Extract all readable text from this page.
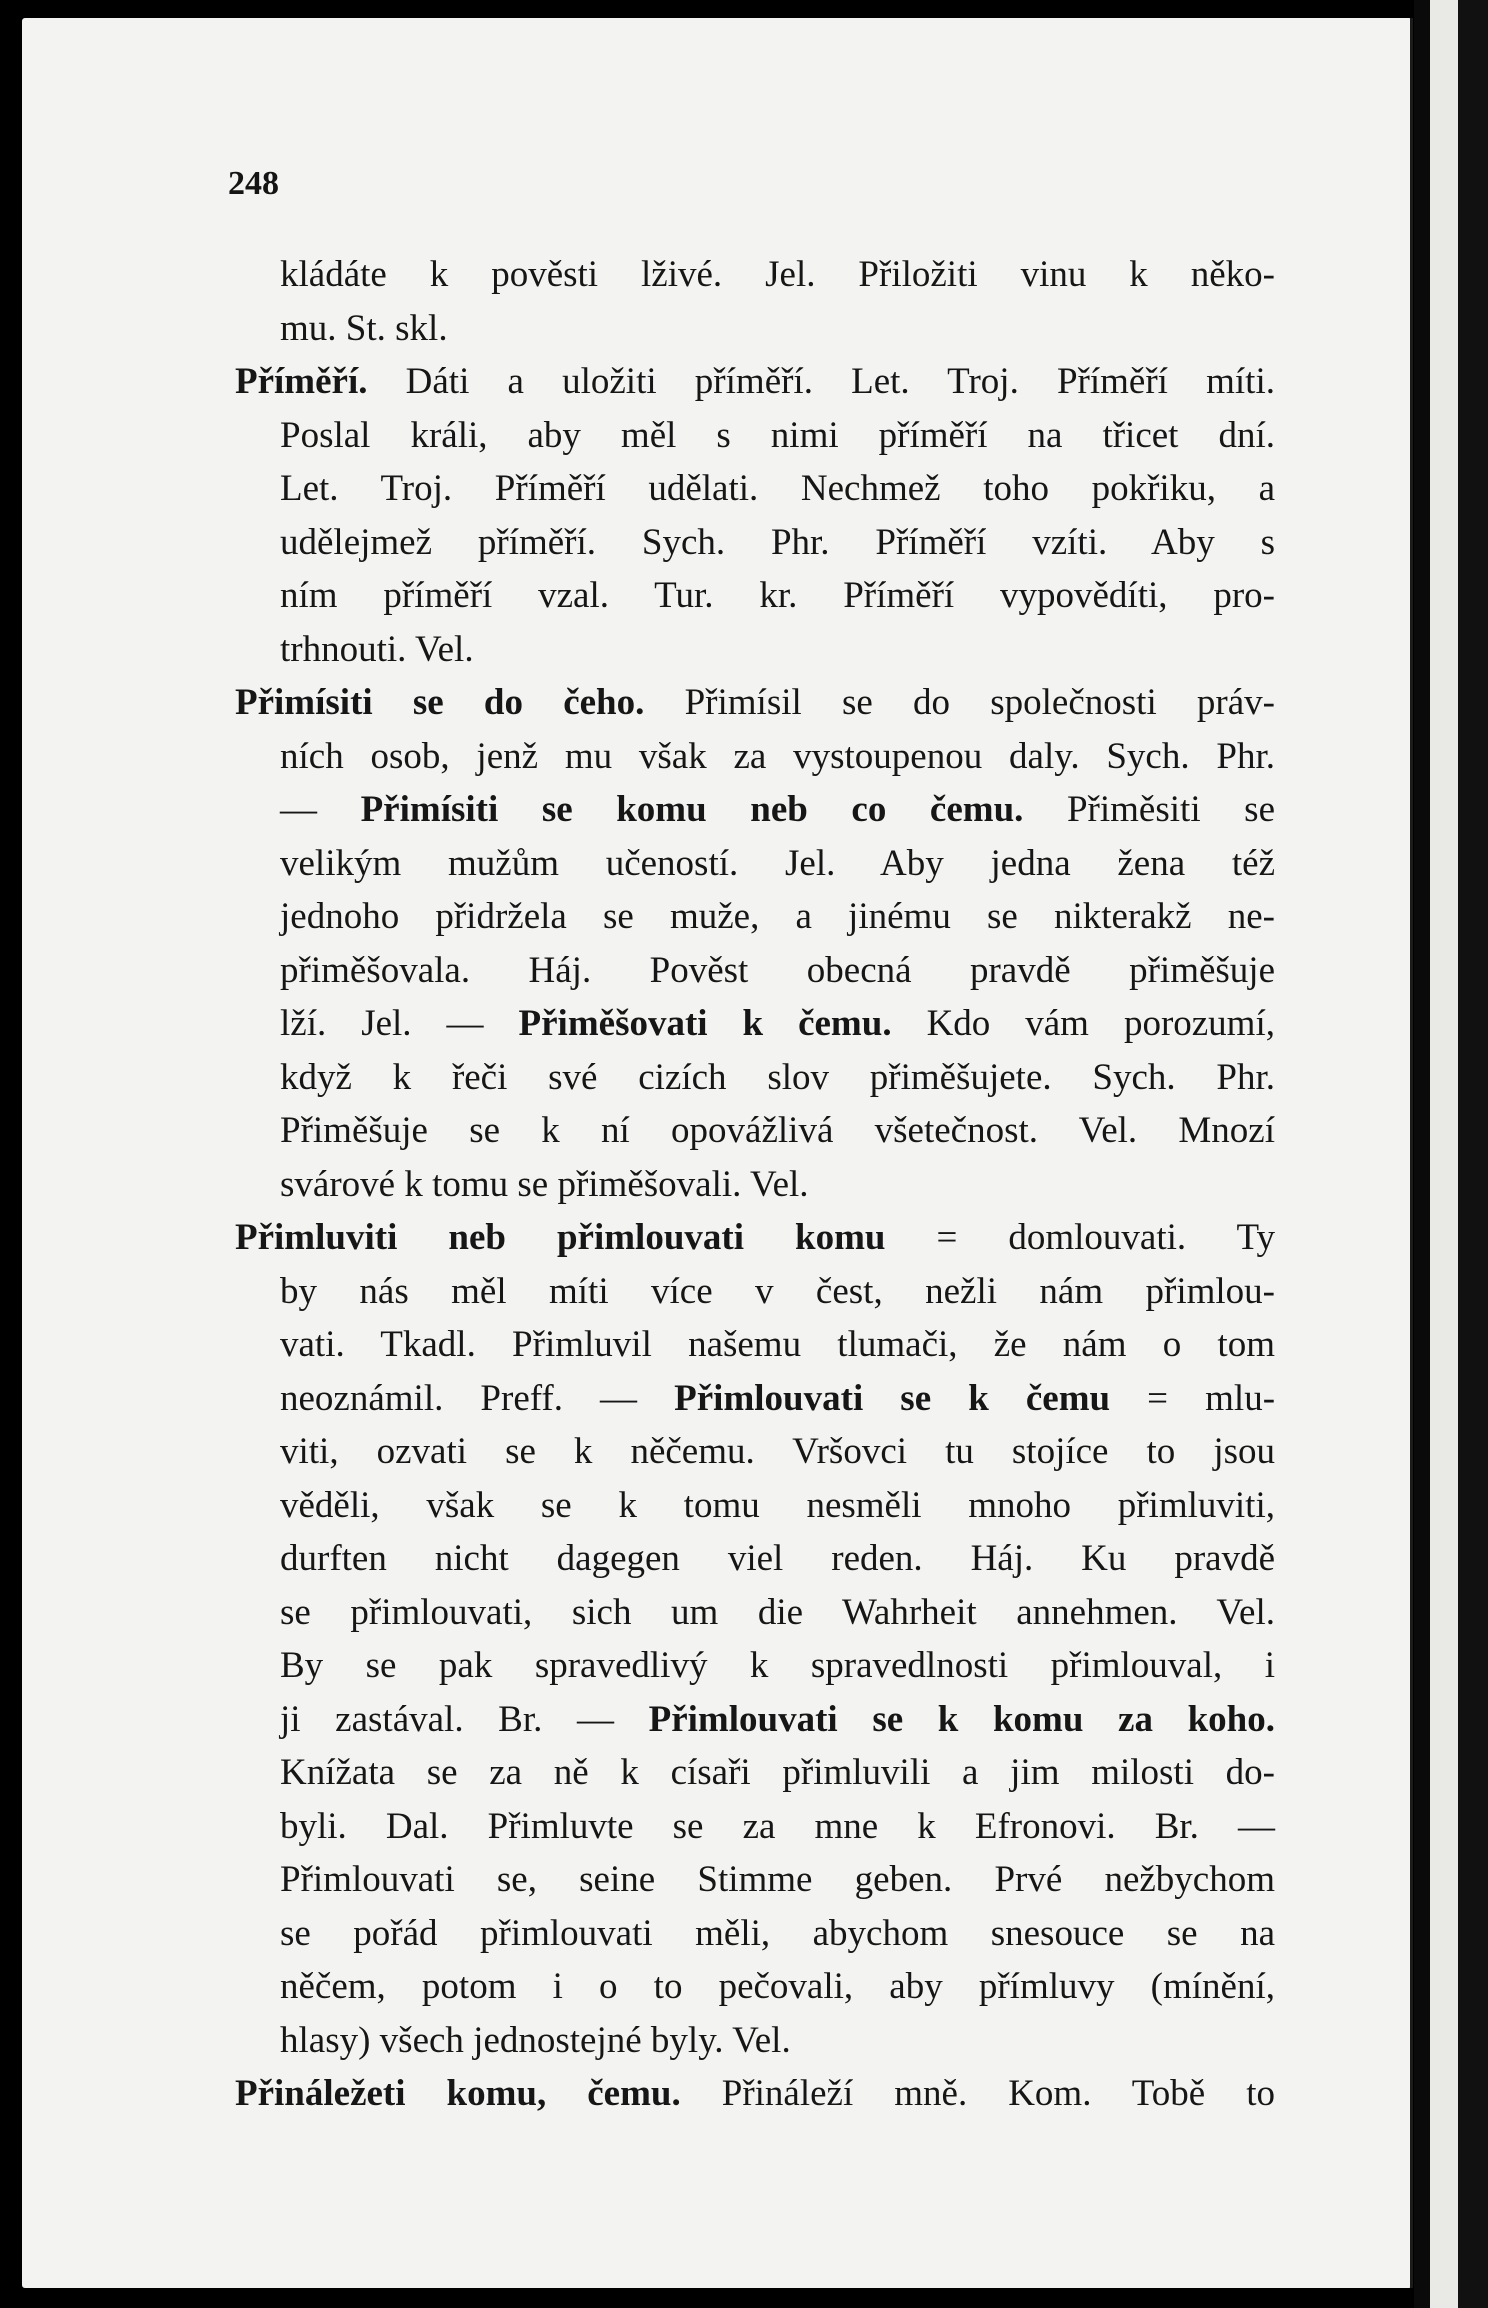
248
kládáte k pověsti lživé. Jel. Přiložiti vinu k něko-
mu. St. skl.
Příměří. Dáti a uložiti příměří. Let. Troj. Příměří míti.
Poslal králi, aby měl s nimi příměří na třicet dní.
Let. Troj. Příměří udělati. Nechmež toho pokřiku, a
udělejmež příměří. Sych. Phr. Příměří vzíti. Aby s
ním příměří vzal. Tur. kr. Příměří vypovědíti, pro-
trhnouti. Vel.
Přimísiti se do čeho. Přimísil se do společnosti práv-
ních osob, jenž mu však za vystoupenou daly. Sych. Phr.
— Přimísiti se komu neb co čemu. Přiměsiti se
velikým mužům učeností. Jel. Aby jedna žena též
jednoho přidržela se muže, a jinému se nikterakž ne-
přiměšovala. Háj. Pověst obecná pravdě přiměšuje
lží. Jel. — Přiměšovati k čemu. Kdo vám porozumí,
když k řeči své cizích slov přiměšujete. Sych. Phr.
Přiměšuje se k ní opovážlivá všetečnost. Vel. Mnozí
svárové k tomu se přiměšovali. Vel.
Přimluviti neb přimlouvati komu = domlouvati. Ty
by nás měl míti více v čest, nežli nám přimlou-
vati. Tkadl. Přimluvil našemu tlumači, že nám o tom
neoznámil. Preff. — Přimlouvati se k čemu = mlu-
viti, ozvati se k něčemu. Vršovci tu stojíce to jsou
věděli, však se k tomu nesměli mnoho přimluviti,
durften nicht dagegen viel reden. Háj. Ku pravdě
se přimlouvati, sich um die Wahrheit annehmen. Vel.
By se pak spravedlivý k spravedlnosti přimlouval, i
ji zastával. Br. — Přimlouvati se k komu za koho.
Knížata se za ně k císaři přimluvili a jim milosti do-
byli. Dal. Přimluvte se za mne k Efronovi. Br. —
Přimlouvati se, seine Stimme geben. Prvé nežbychom
se pořád přimlouvati měli, abychom snesouce se na
něčem, potom i o to pečovali, aby přímluvy (mínění,
hlasy) všech jednostejné byly. Vel.
Přináležeti komu, čemu. Přináleží mně. Kom. Tobě to
